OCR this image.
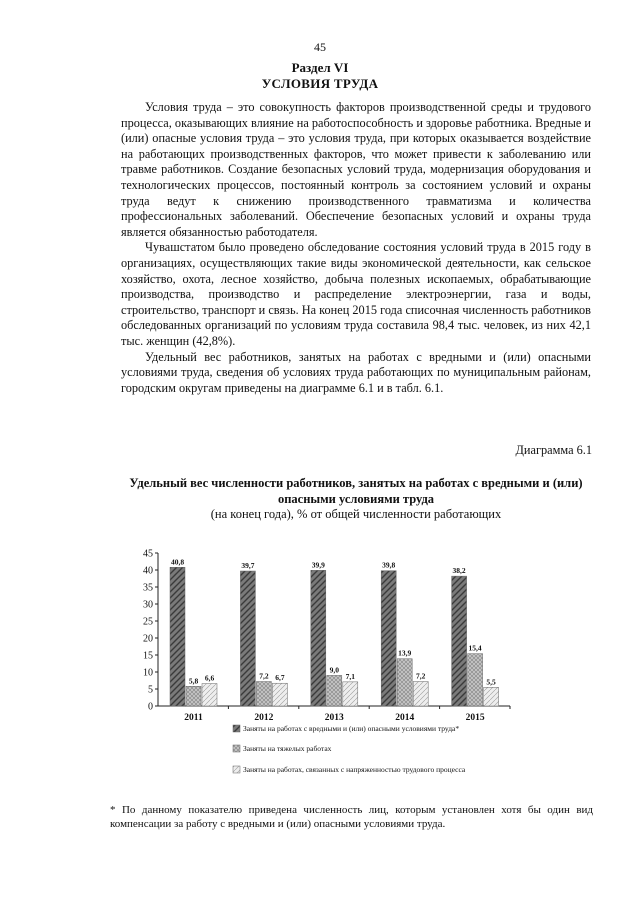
45
Раздел VI
УСЛОВИЯ ТРУДА

Условия труда – это совокупность факторов производственной среды и трудового процесса, оказывающих влияние на работоспособность и здоровье работника. Вредные и (или) опасные условия труда – это условия труда, при которых оказывается воздействие на работающих производственных факторов, что может привести к заболеванию или травме работников. Создание безопасных условий труда, модернизация оборудования и технологических процессов, постоянный контроль за состоянием условий и охраны труда ведут к снижению производственного травматизма и количества профессиональных заболеваний. Обеспечение безопасных условий и охраны труда является обязанностью работодателя.

Чувашстатом было проведено обследование состояния условий труда в 2015 году в организациях, осуществляющих такие виды экономической деятельности, как сельское хозяйство, охота, лесное хозяйство, добыча полезных ископаемых, обрабатывающие производства, производство и распределение электроэнергии, газа и воды, строительство, транспорт и связь. На конец 2015 года списочная численность работников обследованных организаций по условиям труда составила 98,4 тыс. человек, из них 42,1 тыс. женщин (42,8%).

Удельный вес работников, занятых на работах с вредными и (или) опасными условиями труда, сведения об условиях труда работающих по муниципальным районам, городским округам приведены на диаграмме 6.1 и в табл. 6.1.

Диаграмма 6.1
Удельный вес численности работников, занятых на работах с вредными и (или) опасными условиями труда
(на конец года), % от общей численности работающих
0
5
10
15
20
25
30
35
40
45
40,8
5,8 6,6
2011
39,7
7,2 6,7
2012
39,9
9,0
7,1
2013
39,8
13,9
7,2
2014
38,2
15,4
5,5
2015
Заняты на работах с вредными и (или) опасными условиями труда*
Заняты на тяжелых работах
Заняты на работах, связанных с напряженностью трудового процесса
* По данному показателю приведена численность лиц, которым установлен хотя бы один вид компенсации за работу с вредными и (или) опасными условиями труда.
